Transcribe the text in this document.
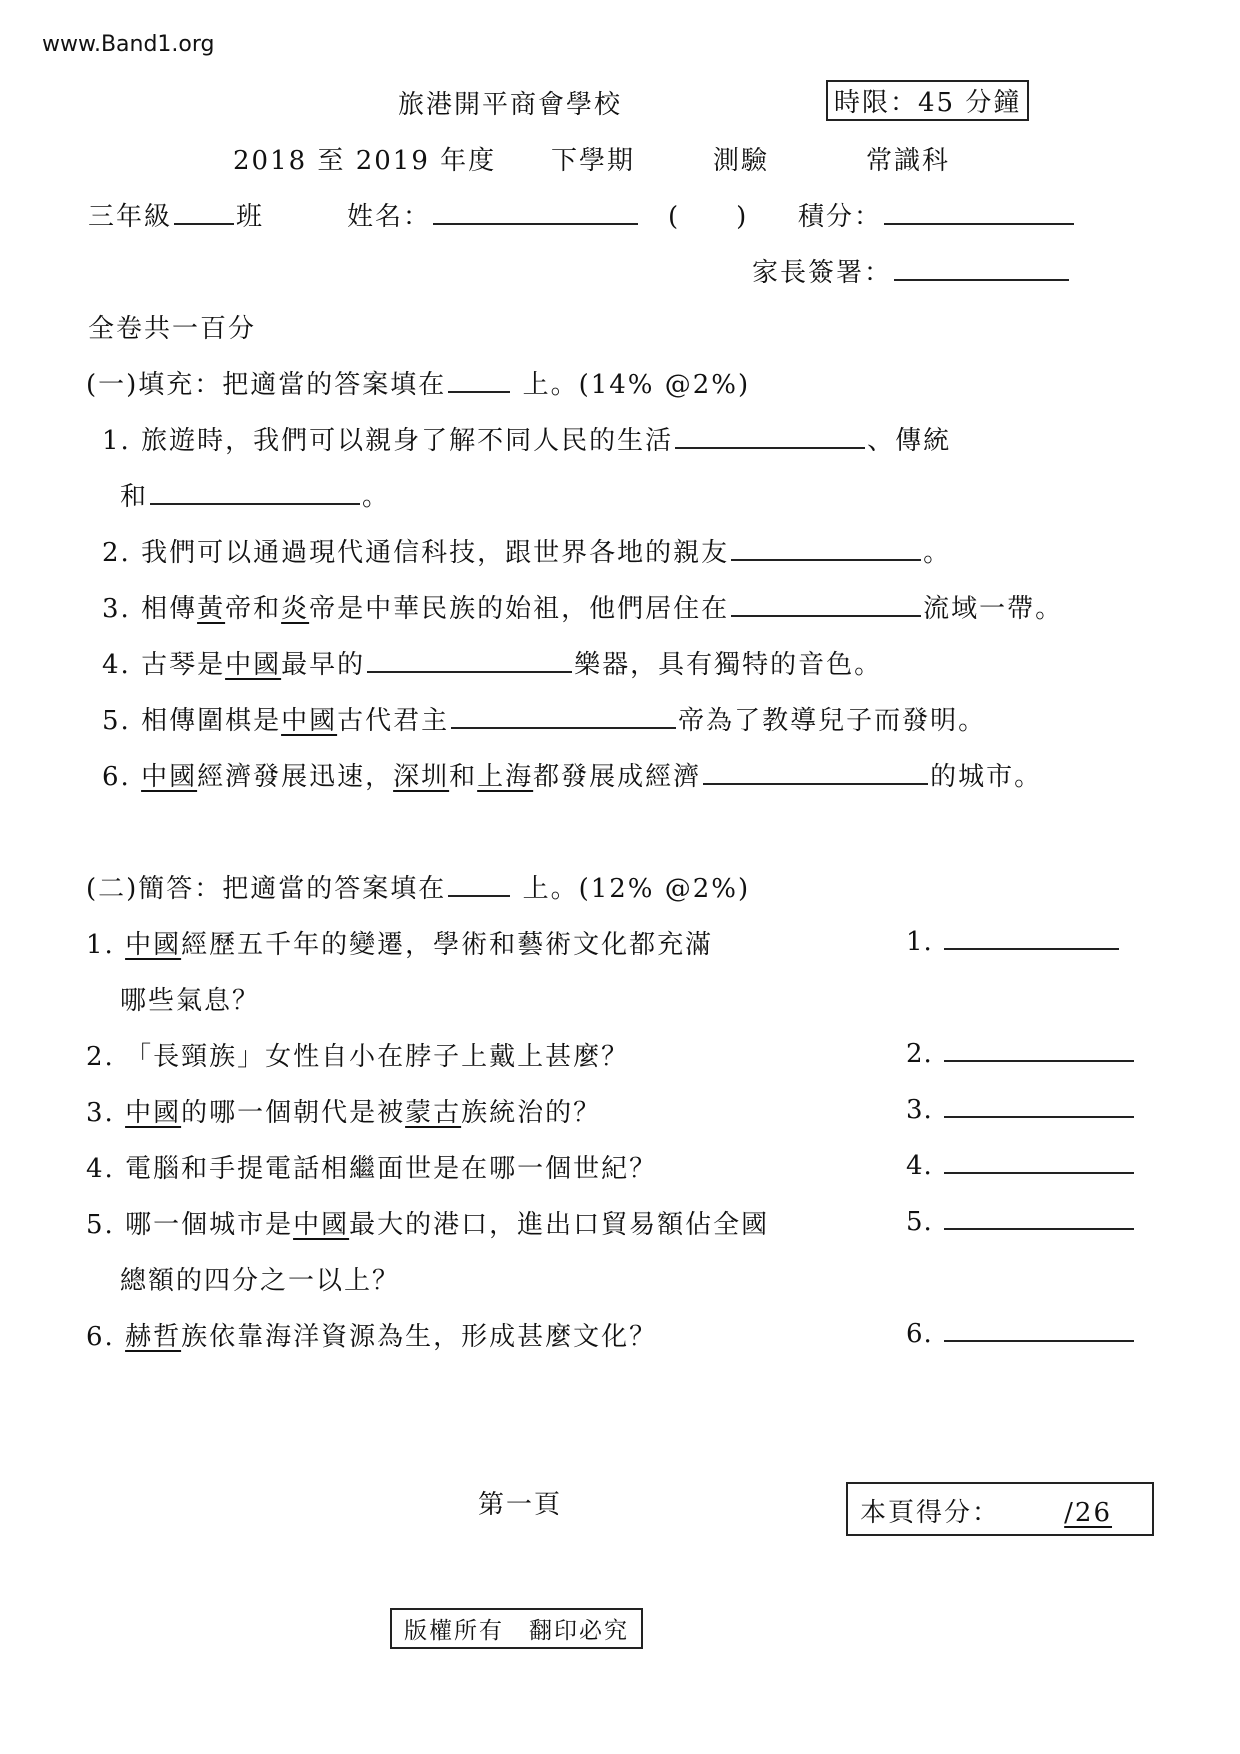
www.Band1.org
旅港開平商會學校	時限：45 分鐘
2018 至 2019 年度 下學期	測驗	常識科
三年級 班	姓名：	(　　) 積分：
家長簽署：
全卷共一百分
(一)填充：把適當的答案填在	上。(14% @2%)
1. 旅遊時，我們可以親身了解不同人民的生活	、傳統
和	。
2. 我們可以通過現代通信科技，跟世界各地的親友	。
3. 相傳黃帝和炎帝是中華民族的始祖，他們居住在	流域一帶。
4. 古琴是中國最早的	樂器，具有獨特的音色。
5. 相傳圍棋是中國古代君主	帝為了教導兒子而發明。
6. 中國經濟發展迅速，深圳和上海都發展成經濟	的城市。
(二)簡答：把適當的答案填在	上。(12% @2%)
1. 中國經歷五千年的變遷，學術和藝術文化都充滿
哪些氣息？
1.
2. 「長頸族」女性自小在脖子上戴上甚麼？	2.
3. 中國的哪一個朝代是被蒙古族統治的？	3.
4. 電腦和手提電話相繼面世是在哪一個世紀？	4.
5. 哪一個城市是中國最大的港口，進出口貿易額佔全國
總額的四分之一以上？
5.
6. 赫哲族依靠海洋資源為生，形成甚麼文化？	6.
第一頁	本頁得分： /26
版權所有　翻印必究
